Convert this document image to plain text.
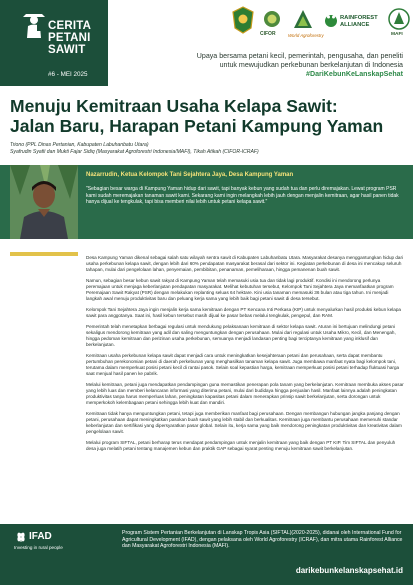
CERITA
PETANI
SAWIT
#6 - MEI 2025
CIFOR	World Agroforestry
RAINFOREST
ALLIANCE
MAFI
Upaya bersama petani kecil, pemerintah, pengusaha, dan peneliti
untuk mewujudkan perkebunan berkelanjutan di Indonesia
#DariKebunKeLanskapSehat
Menuju Kemitraan Usaha Kelapa Sawit:
Jalan Baru, Harapan Petani Kampung Yaman
Triono (PPL Dinas Pertanian, Kabupaten Labuhanbatu Utara)
Syafrudin Syafii dan Mukti Fajar Sidiq (Masyarakat Agroforestri Indonesia/MAFI), Tikah Atikah (CIFOR-ICRAF)
Nazarrudin, Ketua Kelompok Tani Sejahtera Jaya, Desa Kampung Yaman
"Sebagian besar warga di Kampung Yaman hidup dari sawit, tapi banyak kebun yang sudah tua dan perlu diremajakan. Lewat program PSR kami sudah meremajakan tanaman sawit kami. Sekarang kami ingin melangkah lebih jauh dengan menjalin kemitraan, agar hasil panen tidak hanya dijual ke tengkulak, tapi bisa memberi nilai lebih untuk petani kelapa sawit."

Desa Kampung Yaman dikenal sebagai salah satu wilayah sentra sawit di Kabupaten Labuhanbatu Utara. Masyarakat desanya menggantungkan hidup dari usaha perkebunan kelapa sawit, dengan lebih dari 60% pendapatan masyarakat berasal dari sektor ini. Kegiatan perkebunan di desa ini mencakup seluruh tahapan, mulai dari pengelolaan lahan, penyemaian, pembibitan, penanaman, pemeliharaan, hingga pemanenan buah sawit.

Namun, sebagian besar kebun sawit rakyat di Kampung Yaman telah memasuki usia tua dan tidak lagi produktif. Kondisi ini mendorong perlunya peremajaan untuk menjaga keberlanjutan pendapatan masyarakat. Melihat kebutuhan tersebut, Kelompok Tani Sejahtera Jaya memanfaatkan program Peremajaan Sawit Rakyat (PSR) dengan melakukan replanting seluas 64 hektare. Kini usia tanaman memasuki 36 bulan atau tiga tahun. Ini menjadi langkah awal menuju produktivitas baru dan peluang kerja sama yang lebih baik bagi petani sawit di desa tersebut.

Kelompok Tani Sejahtera Jaya ingin menjalin kerja sama kemitraan dengan PT Kencana Inti Perkasa (KIP) untuk menyalurkan hasil produksi kebun kelapa sawit para anggotanya. Saat ini, hasil kebun tersebut masih dijual ke pasar bebas melalui tengkulak, pengepul, dan RAM.

Pemerintah telah menetapkan berbagai regulasi untuk mendukung pelaksanaan kemitraan di sektor kelapa sawit. Aturan ini bertujuan melindungi petani sekaligus mendorong kemitraan yang adil dan saling menguntungkan dengan perusahaan. Mulai dari regulasi untuk Usaha Mikro, Kecil, dan Menengah, hingga pedoman kemitraan dan perizinan usaha perkebunan, semuanya menjadi landasan penting bagi terciptanya kemitraan yang inklusif dan berkelanjutan.

Kemitraan usaha perkebunan kelapa sawit dapat menjadi cara untuk meningkatkan kesejahteraan petani dan perusahaan, serta dapat membantu pertumbuhan perekonomian petani di daerah perkebunan yang menghasilkan tanaman kelapa sawit. Juga membawa manfaat nyata bagi kelompok tani, terutama dalam memperkuat posisi petani kecil di rantai pasok. Selain soal kepastian harga, kemitraan memperkuat posisi petani terhadap fluktuasi harga saat menjual hasil panen ke pabrik.

Melalui kemitraan, petani juga mendapatkan pendampingan guna memastikan penerapan pola tanam yang berkelanjutan. Kemitraan membuka akses pasar yang lebih luas dan memberi kelancaran informasi yang diterima petani, mulai dari budidaya hingga penjualan hasil. Manfaat lainnya adalah peningkatan produktivitas tanpa harus memperluas lahan, peningkatan kapasitas petani dalam menerapkan prinsip sawit berkelanjutan, serta dorongan untuk memperkokoh kelembagaan petani sehingga lebih kuat dan mandiri.

Kemitraan tidak hanya menguntungkan petani, tetapi juga memberikan manfaat bagi perusahaan. Dengan membangun hubungan jangka panjang dengan petani, perusahaan dapat meningkatkan pasokan buah sawit yang lebih stabil dan berkualitas. Kemitraan juga membantu perusahaan memenuhi standar keberlanjutan dan sertifikasi yang dipersyaratkan pasar global. Selain itu, kerja sama yang baik mendorong peningkatan produktivitas dan kreativitas dalam pengelolaan sawit.

Melalui program SIFTAL, petani berharap terus mendapat pendampingan untuk menjalin kemitraan yang baik dengan PT KIP. Tim SIFTAL dan penyuluh desa juga melatih petani tentang manajemen kebun dan praktik GAP sebagai syarat penting menuju kemitraan sawit berkelanjutan.

IFAD
Investing in rural people
Program Sistem Pertanian Berkelanjutan di Lanskap Tropis Asia (SIFTAL)(2020-2025), didanai oleh International Fund for Agricultural Development (IFAD), dengan pelaksana oleh World Agroforestry (ICRAF), dan mitra utama Rainforest Alliance dan Masyarakat Agroforestri Indonesia (MAFI).
darikebunkelanskapsehat.id
